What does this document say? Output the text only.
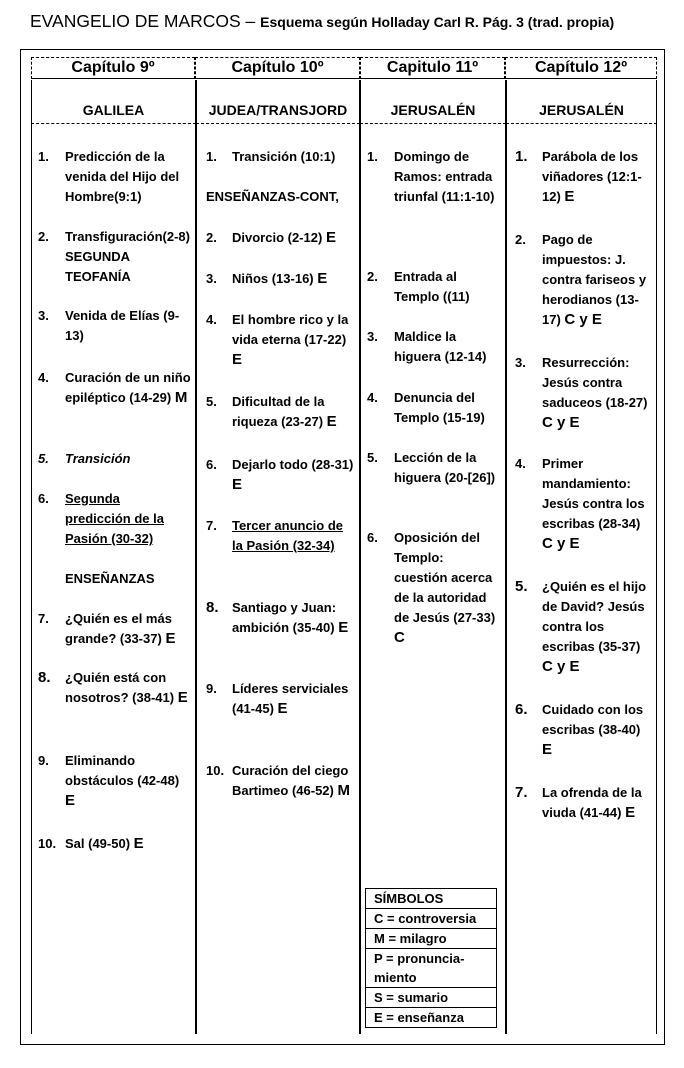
EVANGELIO DE MARCOS – Esquema según Holladay Carl R. Pág. 3 (trad. propia)
Capítulo 9º	Capítulo 10º	Capitulo 11º	Capítulo 12º
GALILEA	JUDEA/TRANSJORD	JERUSALÉN	JERUSALÉN
1.	Predicción de la venida del Hijo del Hombre(9:1)
2.	Transfiguración(2-8) SEGUNDA TEOFANÍA
3.	Venida de Elías (9-13)
4.	Curación de un niño epiléptico (14-29) M
5.	Transición
6. Segunda predicción de la Pasión (30-32)
ENSEÑANZAS
7.	¿Quién es el más grande? (33-37) E
8.	¿Quién está con nosotros? (38-41) E
9.	Eliminando obstáculos (42-48) E
10. Sal (49-50) E
1.	Transición (10:1)
ENSEÑANZAS-CONT,
2.	Divorcio (2-12) E
3.	Niños (13-16) E
4.	El hombre rico y la vida eterna (17-22) E
5.	Dificultad de la riqueza (23-27) E
6.	Dejarlo todo (28-31) E
7. Tercer anuncio de la Pasión (32-34)
8.	Santiago y Juan: ambición (35-40) E
9.	Líderes serviciales (41-45) E
10. Curación del ciego Bartimeo (46-52) M
1.	Domingo de Ramos: entrada triunfal (11:1-10)
2.	Entrada al Templo ((11)
3.	Maldice la higuera (12-14)
4.	Denuncia del Templo (15-19)
5.	Lección de la higuera (20-[26])
6.	Oposición del Templo: cuestión acerca de la autoridad de Jesús (27-33) C
1.	Parábola de los viñadores (12:1-12) E
2.	Pago de impuestos: J. contra fariseos y herodianos (13-17) C y E
3.	Resurrección: Jesús contra saduceos (18-27) C y E
4.	Primer mandamiento: Jesús contra los escribas (28-34) C y E
5.	¿Quién es el hijo de David? Jesús contra los escribas (35-37) C y E
6.	Cuidado con los escribas (38-40) E
7.	La ofrenda de la viuda (41-44) E
SÍMBOLOS
C = controversia
M = milagro
P = pronuncia-miento
S = sumario
E = enseñanza
